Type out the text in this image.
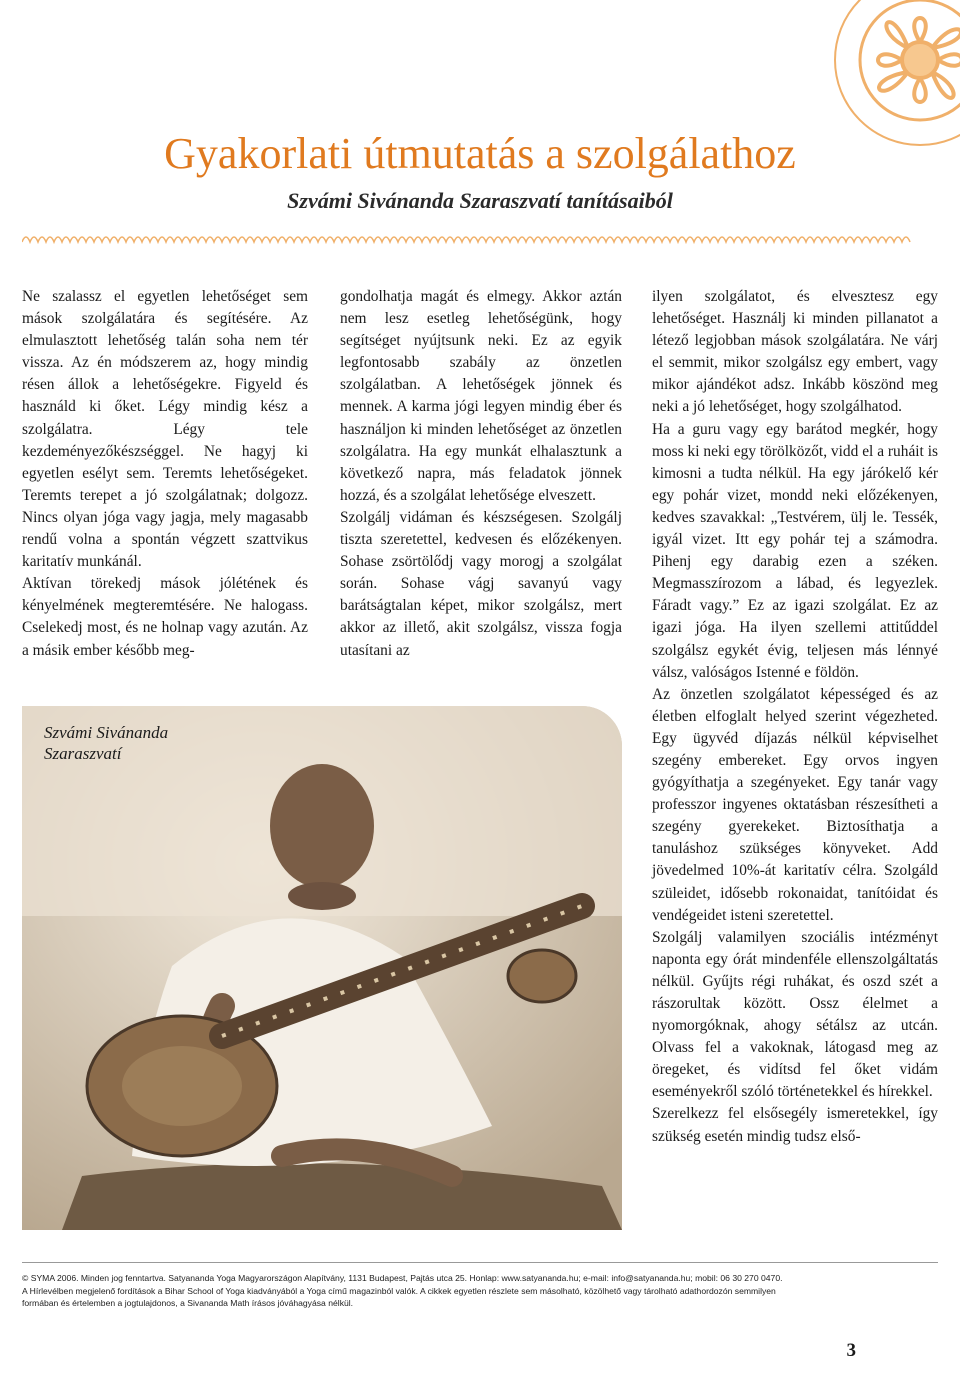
Gyakorlati útmutatás a szolgálathoz
Szvámi Sivánanda Szaraszvatí tanításaiból

Ne szalassz el egyetlen lehetőséget sem mások szolgálatára és segítésére. Az elmulasztott lehetőség talán soha nem tér vissza. Az én módszerem az, hogy mindig résen állok a lehetőségekre. Figyeld és használd ki őket. Légy mindig kész a szolgálatra. Légy tele kezdeményezőkészséggel. Ne hagyj ki egyetlen esélyt sem. Teremts lehetőségeket. Teremts terepet a jó szolgálatnak; dolgozz. Nincs olyan jóga vagy jagja, mely magasabb rendű volna a spontán végzett szattvikus karitatív munkánál.

Aktívan törekedj mások jólétének és kényelmének megteremtésére. Ne halogass. Cselekedj most, és ne holnap vagy azután. Az a másik ember később meg-

gondolhatja magát és elmegy. Akkor aztán nem lesz esetleg lehetőségünk, hogy segítséget nyújtsunk neki. Ez az egyik legfontosabb szabály az önzetlen szolgálatban. A lehetőségek jönnek és mennek. A karma jógi legyen mindig éber és használjon ki minden lehetőséget az önzetlen szolgálatra. Ha egy munkát elhalasztunk a következő napra, más feladatok jönnek hozzá, és a szolgálat lehetősége elveszett.

Szolgálj vidáman és készségesen. Szolgálj tiszta szeretettel, kedvesen és előzékenyen. Sohase zsörtölődj vagy morogj a szolgálat során. Sohase vágj savanyú vagy barátságtalan képet, mikor szolgálsz, mert akkor az illető, akit szolgálsz, vissza fogja utasítani az

ilyen szolgálatot, és elvesztesz egy lehetőséget. Használj ki minden pillanatot a létező legjobban mások szolgálatára. Ne várj el semmit, mikor szolgálsz egy embert, vagy mikor ajándékot adsz. Inkább köszönd meg neki a jó lehetőséget, hogy szolgálhatod.

Ha a guru vagy egy barátod megkér, hogy moss ki neki egy törölközőt, vidd el a ruháit is kimosni a tudta nélkül. Ha egy járókelő kér egy pohár vizet, mondd neki előzékenyen, kedves szavakkal: „Testvérem, ülj le. Tessék, igyál vizet. Itt egy pohár tej a számodra. Pihenj egy darabig ezen a széken. Megmasszírozom a lábad, és legyezlek. Fáradt vagy.” Ez az igazi szolgálat. Ez az igazi jóga. Ha ilyen szellemi attitűddel szolgálsz egykét évig, teljesen más lénnyé válsz, valóságos Istenné e földön.

Az önzetlen szolgálatot képességed és az életben elfoglalt helyed szerint végezheted. Egy ügyvéd díjazás nélkül képviselhet szegény embereket. Egy orvos ingyen gyógyíthatja a szegényeket. Egy tanár vagy professzor ingyenes oktatásban részesítheti a szegény gyerekeket. Biztosíthatja a tanuláshoz szükséges könyveket. Add jövedelmed 10%-át karitatív célra. Szolgáld szüleidet, idősebb rokonaidat, tanítóidat és vendégeidet isteni szeretettel.

Szolgálj valamilyen szociális intézményt naponta egy órát mindenféle ellenszolgáltatás nélkül. Gyűjts régi ruhákat, és oszd szét a rászorultak között. Ossz élelmet a nyomorgóknak, ahogy sétálsz az utcán. Olvass fel a vakoknak, látogasd meg az öregeket, és vidítsd fel őket vidám eseményekről szóló történetekkel és hírekkel.

Szerelkezz fel elsősegély ismeretekkel, így szükség esetén mindig tudsz első-

Szvámi Sivánanda
Szaraszvatí

© SYMA 2006. Minden jog fenntartva. Satyananda Yoga Magyarországon Alapítvány, 1131 Budapest, Pajtás utca 25. Honlap: www.satyananda.hu; e-mail: info@satyananda.hu; mobil: 06 30 270 0470.

A Hírlevélben megjelenő fordítások a Bihar School of Yoga kiadványából a Yoga című magazinból valók. A cikkek egyetlen részlete sem másolható, közölhető vagy tárolható adathordozón semmilyen

formában és értelemben a jogtulajdonos, a Sivananda Math írásos jóváhagyása nélkül.

3
